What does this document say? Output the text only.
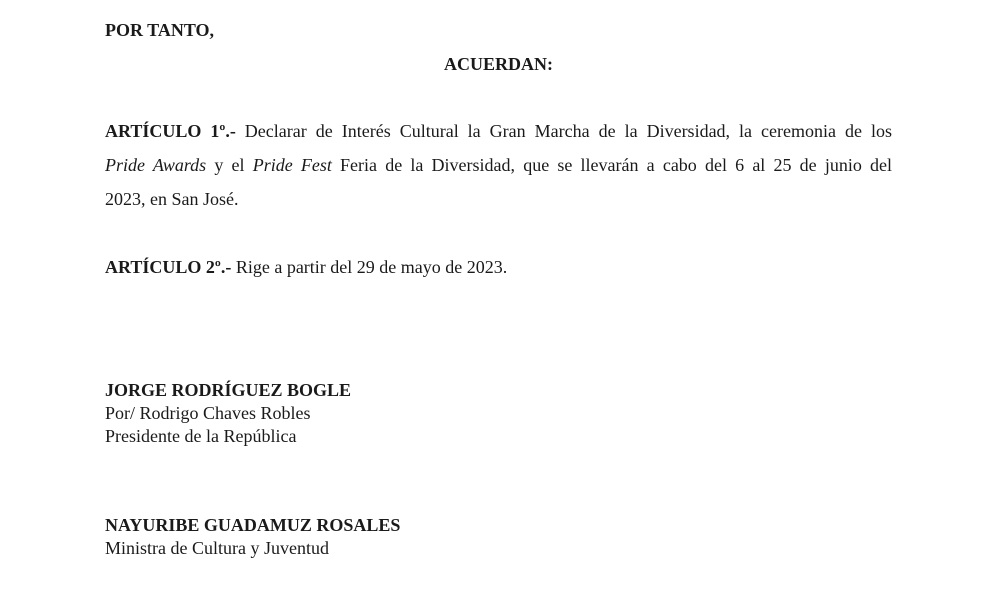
POR TANTO,
ACUERDAN:
ARTÍCULO 1º.- Declarar de Interés Cultural la Gran Marcha de la Diversidad, la ceremonia de los
Pride Awards y el Pride Fest Feria de la Diversidad, que se llevarán a cabo del 6 al 25 de junio del
2023, en San José.
ARTÍCULO 2º.- Rige a partir del 29 de mayo de 2023.
JORGE RODRÍGUEZ BOGLE
Por/ Rodrigo Chaves Robles
Presidente de la República
NAYURIBE GUADAMUZ ROSALES
Ministra de Cultura y Juventud
